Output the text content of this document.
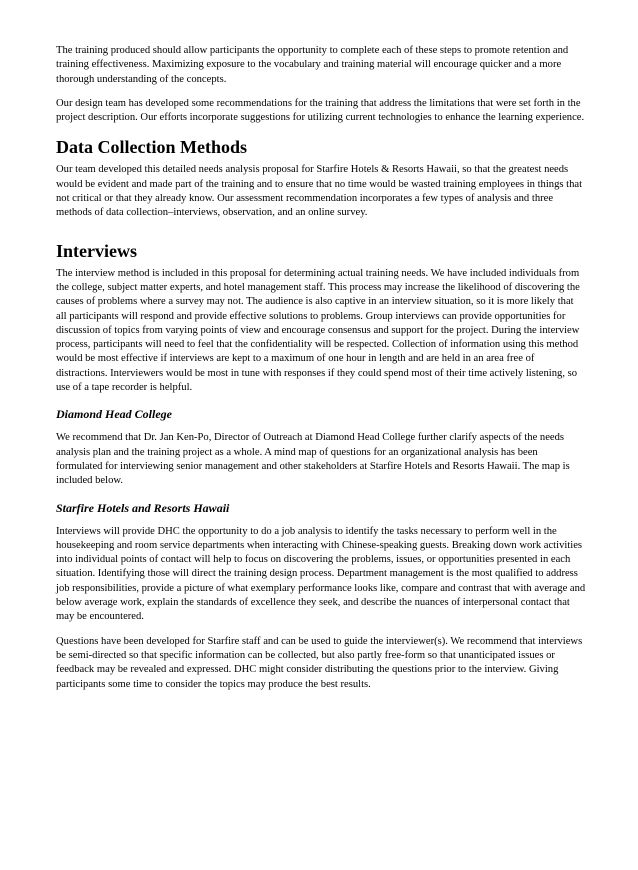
The training produced should allow participants the opportunity to complete each of these steps to promote retention and training effectiveness. Maximizing exposure to the vocabulary and training material will encourage quicker and a more thorough understanding of the concepts.

Our design team has developed some recommendations for the training that address the limitations that were set forth in the project description. Our efforts incorporate suggestions for utilizing current technologies to enhance the learning experience.

Data Collection Methods

Our team developed this detailed needs analysis proposal for Starfire Hotels & Resorts Hawaii, so that the greatest needs would be evident and made part of the training and to ensure that no time would be wasted training employees in things that not critical or that they already know. Our assessment recommendation incorporates a few types of analysis and three methods of data collection–interviews, observation, and an online survey.

Interviews

The interview method is included in this proposal for determining actual training needs. We have included individuals from the college, subject matter experts, and hotel management staff. This process may increase the likelihood of discovering the causes of problems where a survey may not. The audience is also captive in an interview situation, so it is more likely that all participants will respond and provide effective solutions to problems. Group interviews can provide opportunities for discussion of topics from varying points of view and encourage consensus and support for the project. During the interview process, participants will need to feel that the confidentiality will be respected. Collection of information using this method would be most effective if interviews are kept to a maximum of one hour in length and are held in an area free of distractions. Interviewers would be most in tune with responses if they could spend most of their time actively listening, so use of a tape recorder is helpful.

Diamond Head College

We recommend that Dr. Jan Ken-Po, Director of Outreach at Diamond Head College further clarify aspects of the needs analysis plan and the training project as a whole. A mind map of questions for an organizational analysis has been formulated for interviewing senior management and other stakeholders at Starfire Hotels and Resorts Hawaii. The map is included below.

Starfire Hotels and Resorts Hawaii

Interviews will provide DHC the opportunity to do a job analysis to identify the tasks necessary to perform well in the housekeeping and room service departments when interacting with Chinese-speaking guests. Breaking down work activities into individual points of contact will help to focus on discovering the problems, issues, or opportunities presented in each situation. Identifying those will direct the training design process. Department management is the most qualified to address job responsibilities, provide a picture of what exemplary performance looks like, compare and contrast that with average and below average work, explain the standards of excellence they seek, and describe the nuances of interpersonal contact that may be encountered.

Questions have been developed for Starfire staff and can be used to guide the interviewer(s). We recommend that interviews be semi-directed so that specific information can be collected, but also partly free-form so that unanticipated issues or feedback may be revealed and expressed. DHC might consider distributing the questions prior to the interview. Giving participants some time to consider the topics may produce the best results.
